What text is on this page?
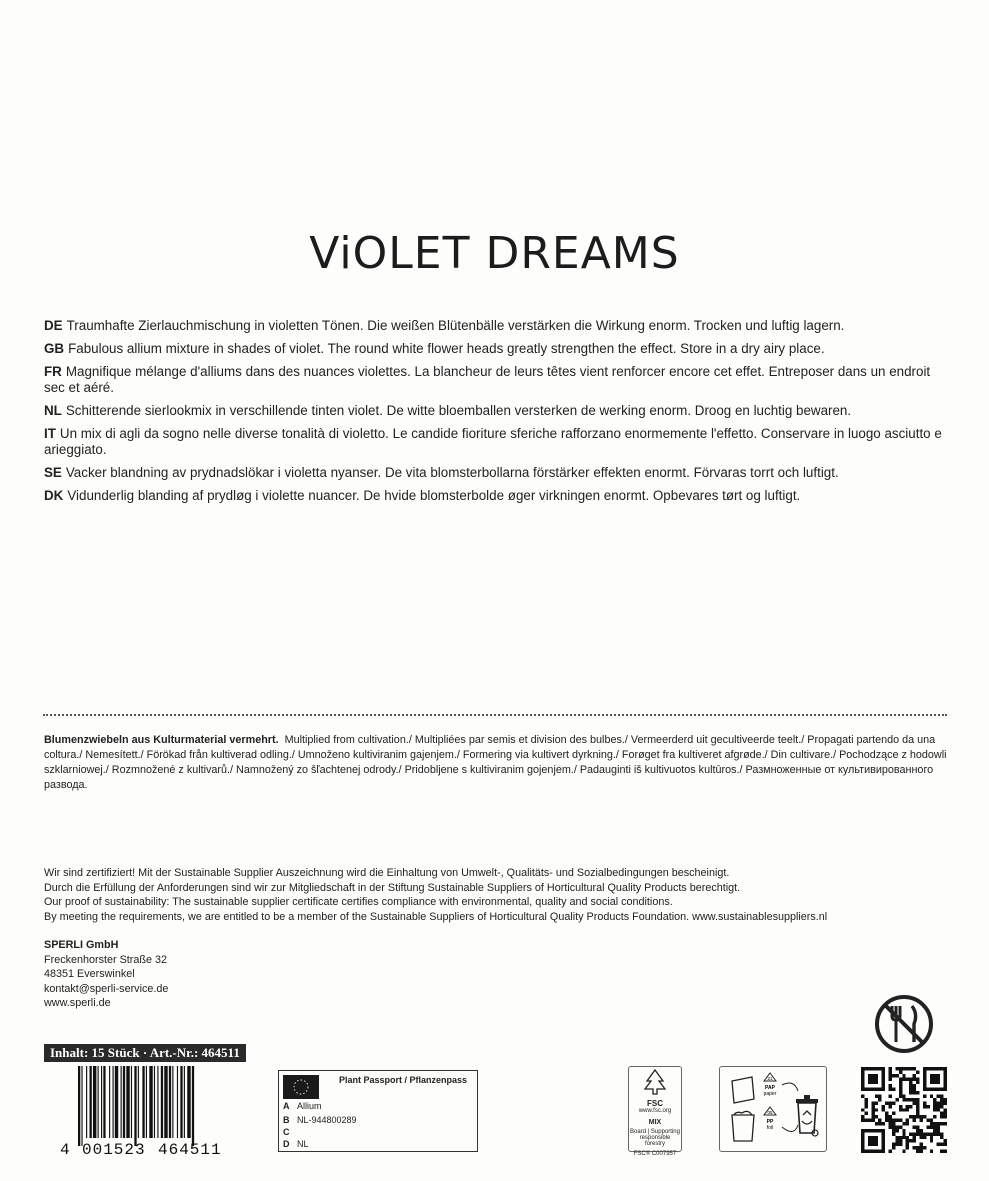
ViOLET DREAMS
DE Traumhafte Zierlauchmischung in violetten Tönen. Die weißen Blütenbälle verstärken die Wirkung enorm. Trocken und luftig lagern.
GB Fabulous allium mixture in shades of violet. The round white flower heads greatly strengthen the effect. Store in a dry airy place.
FR Magnifique mélange d'alliums dans des nuances violettes. La blancheur de leurs têtes vient renforcer encore cet effet. Entreposer dans un endroit sec et aéré.
NL Schitterende sierlookmix in verschillende tinten violet. De witte bloemballen versterken de werking enorm. Droog en luchtig bewaren.
IT Un mix di agli da sogno nelle diverse tonalità di violetto. Le candide fioriture sferiche rafforzano enormemente l'effetto. Conservare in luogo asciutto e arieggiato.
SE Vacker blandning av prydnadslökar i violetta nyanser. De vita blomsterbollarna förstärker effekten enormt. Förvaras torrt och luftigt.
DK Vidunderlig blanding af prydløg i violette nuancer. De hvide blomsterbolde øger virkningen enormt. Opbevares tørt og luftigt.
Blumenzwiebeln aus Kulturmaterial vermehrt. Multiplied from cultivation./ Multipliées par semis et division des bulbes./ Vermeerderd uit gecultiveerde teelt./ Propagati partendo da una coltura./ Nemesített./ Förökad från kultiverad odling./ Umnoženo kultiviranim gajenjem./ Formering via kultivert dyrkning./ Forøget fra kultiveret afgrøde./ Din cultivare./ Pochodzące z hodowli szklarniowej./ Rozmnožené z kultivarů./ Namnožený zo šľachtenej odrody./ Pridobljene s kultiviranim gojenjem./ Padauginti iš kultivuotos kultūros./ Размноженные от культивированного развода.
Wir sind zertifiziert! Mit der Sustainable Supplier Auszeichnung wird die Einhaltung von Umwelt-, Qualitäts- und Sozialbedingungen bescheinigt.
Durch die Erfüllung der Anforderungen sind wir zur Mitgliedschaft in der Stiftung Sustainable Suppliers of Horticultural Quality Products berechtigt.
Our proof of sustainability: The sustainable supplier certificate certifies compliance with environmental, quality and social conditions.
By meeting the requirements, we are entitled to be a member of the Sustainable Suppliers of Horticultural Quality Products Foundation. www.sustainablesuppliers.nl
SPERLI GmbH
Freckenhorster Straße 32
48351 Everswinkel
kontakt@sperli-service.de
www.sperli.de
Inhalt: 15 Stück · Art.-Nr.: 464511
4 001523 464511
Plant Passport / Pflanzenpass
A Allium
B NL-944800289
C
D NL
FSC
www.fsc.org
MIX
Board | Supporting
responsible forestry
FSC® C007957
21
PAP
paper
05
PP
foil
